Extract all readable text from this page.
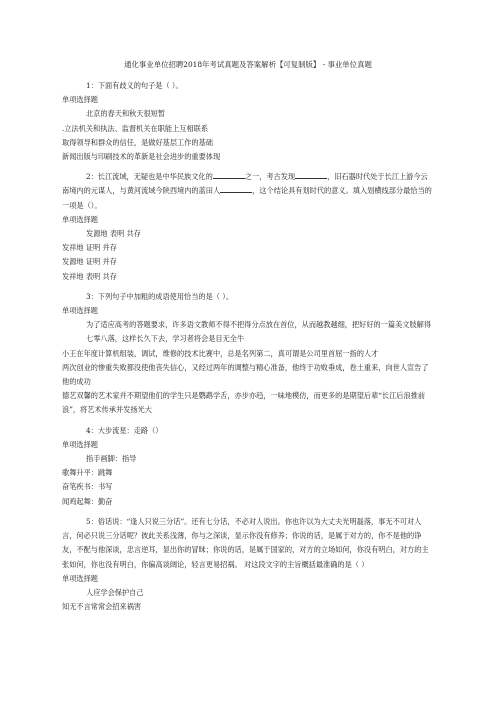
通化事业单位招聘2018年考试真题及答案解析【可复制版】 - 事业单位真题
1：下面有歧义的句子是（ ）。
单项选择题
北京的春天和秋天很短暂
.立法机关和执法、监督机关在职能上互相联系
取得领导和群众的信任，是做好基层工作的基础
新闻出版与印刷技术的革新是社会进步的重要体现
2：长江流域，无疑也是中华民族文化的	之一，考古发现	，旧石器时代处于长江上游今云南境内的元谋人，与黄河流域今陕西境内的蓝田人	，这个结论具有划时代的意义。填入划横线部分最恰当的一项是（）。
单项选择题
发源地 表明 共存
发祥地 证明 并存
发源地 证明 并存
发祥地 表明 共存
3：下列句子中加粗的成语使用恰当的是（ ）。
单项选择题
为了适应高考的答题要求，许多语文教师不得不把得分点放在首位，从而越教越细，把好好的一篇美文肢解得七零八落，这样长久下去，学习者将会是目无全牛
小王在年度计算机组装，调试，维修的技术比赛中，总是名列第二，真可谓是公司里首屈一指的人才
两次创业的惨重失败都没使他丧失信心，又经过两年的调整与精心准备，他终于功败垂成，卷土重来，向世人宣告了他的成功
德艺双馨的艺术家并不期望他们的学生只是鹦鹉学舌，亦步亦趋，一味地模仿，而更多的是期望后辈“长江后浪推前浪”，将艺术传承并发扬光大
4：大步流星：走路（）
单项选择题
指手画脚：指导
歌舞升平：跳舞
奋笔疾书：书写
闻鸡起舞：勤奋
5：俗话说：“逢人只说三分话”。还有七分话，不必对人说出。你也许以为大丈夫光明磊落，事无不可对人言，何必只说三分话呢？彼此关系浅薄，你与之深谈，显示你没有修养；你说的话，是属于对方的，你不是他的诤友，不配与他深谈，忠言逆耳，显出你的冒昧；你说的话，是属于国家的，对方的立场如何，你没有明白，对方的主张如何，你也没有明白，你偏高谈阔论，轻言更易招祸。 对这段文字的主旨概括最准确的是（ ）
单项选择题
人应学会保护自己
知无不言常常会招来祸害
